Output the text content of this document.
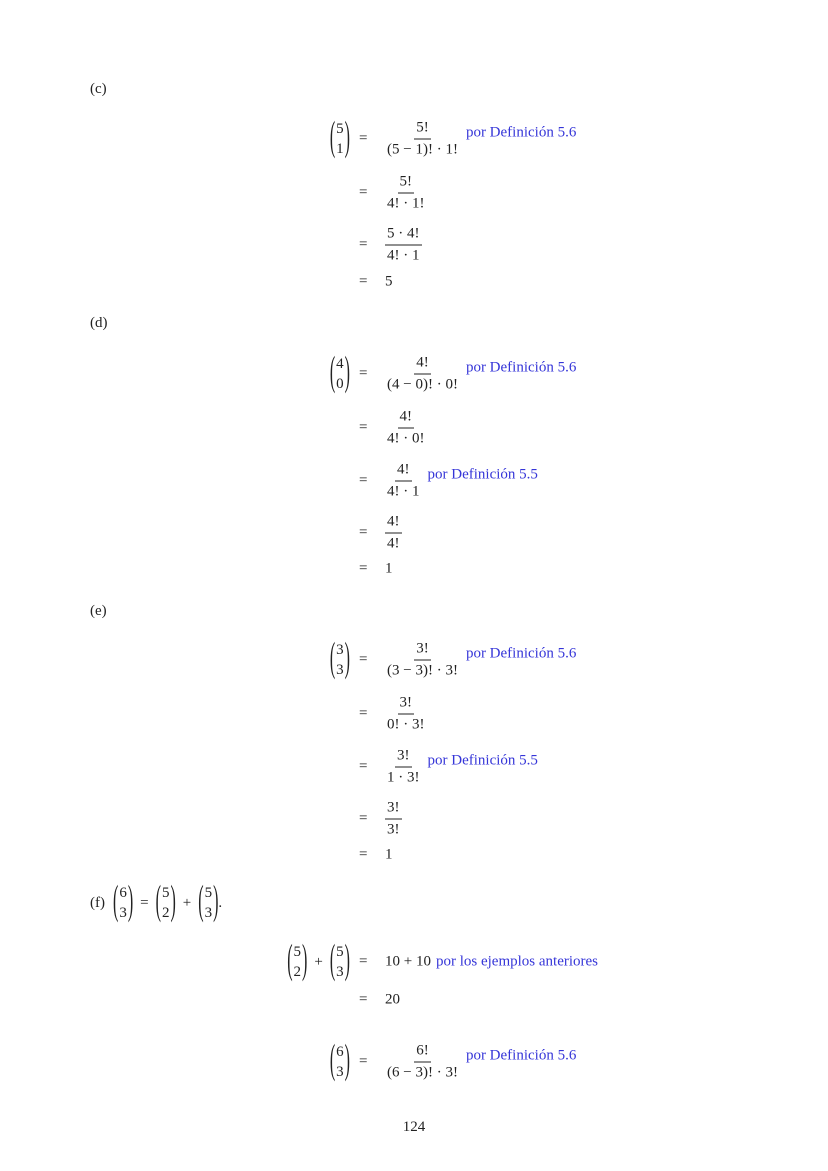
124
(c)
( 5
1 ) = $\frac{5!}{(5 - 1)! \cdot 1!}$ por Definición 5.6
= $\frac{5!}{4! \cdot 1!}$
= $\frac{5 \cdot 4!}{4! \cdot 1}$
= 5
(d)
( 4
0 ) = $\frac{4!}{(4 - 0)! \cdot 0!}$ por Definición 5.6
= $\frac{4!}{4! \cdot 0!}$
= $\frac{4!}{4! \cdot 1}$ por Definición 5.5
= $\frac{4!}{4!}$
= 1
(e)
( 3
3 ) = $\frac{3!}{(3 - 3)! \cdot 3!}$ por Definición 5.6
= $\frac{3!}{0! \cdot 3!}$
= $\frac{3!}{1 \cdot 3!}$ por Definición 5.5
= $\frac{3!}{3!}$
= 1
(f) ( 6
3 ) = ( 5
2 ) + ( 5
3 ) .
( 5
2 ) + ( 5
3 ) = 10 + 10 por los ejemplos anteriores
= 20
( 6
3 ) = $\frac{6!}{(6 - 3)! \cdot 3!}$ por Definición 5.6
